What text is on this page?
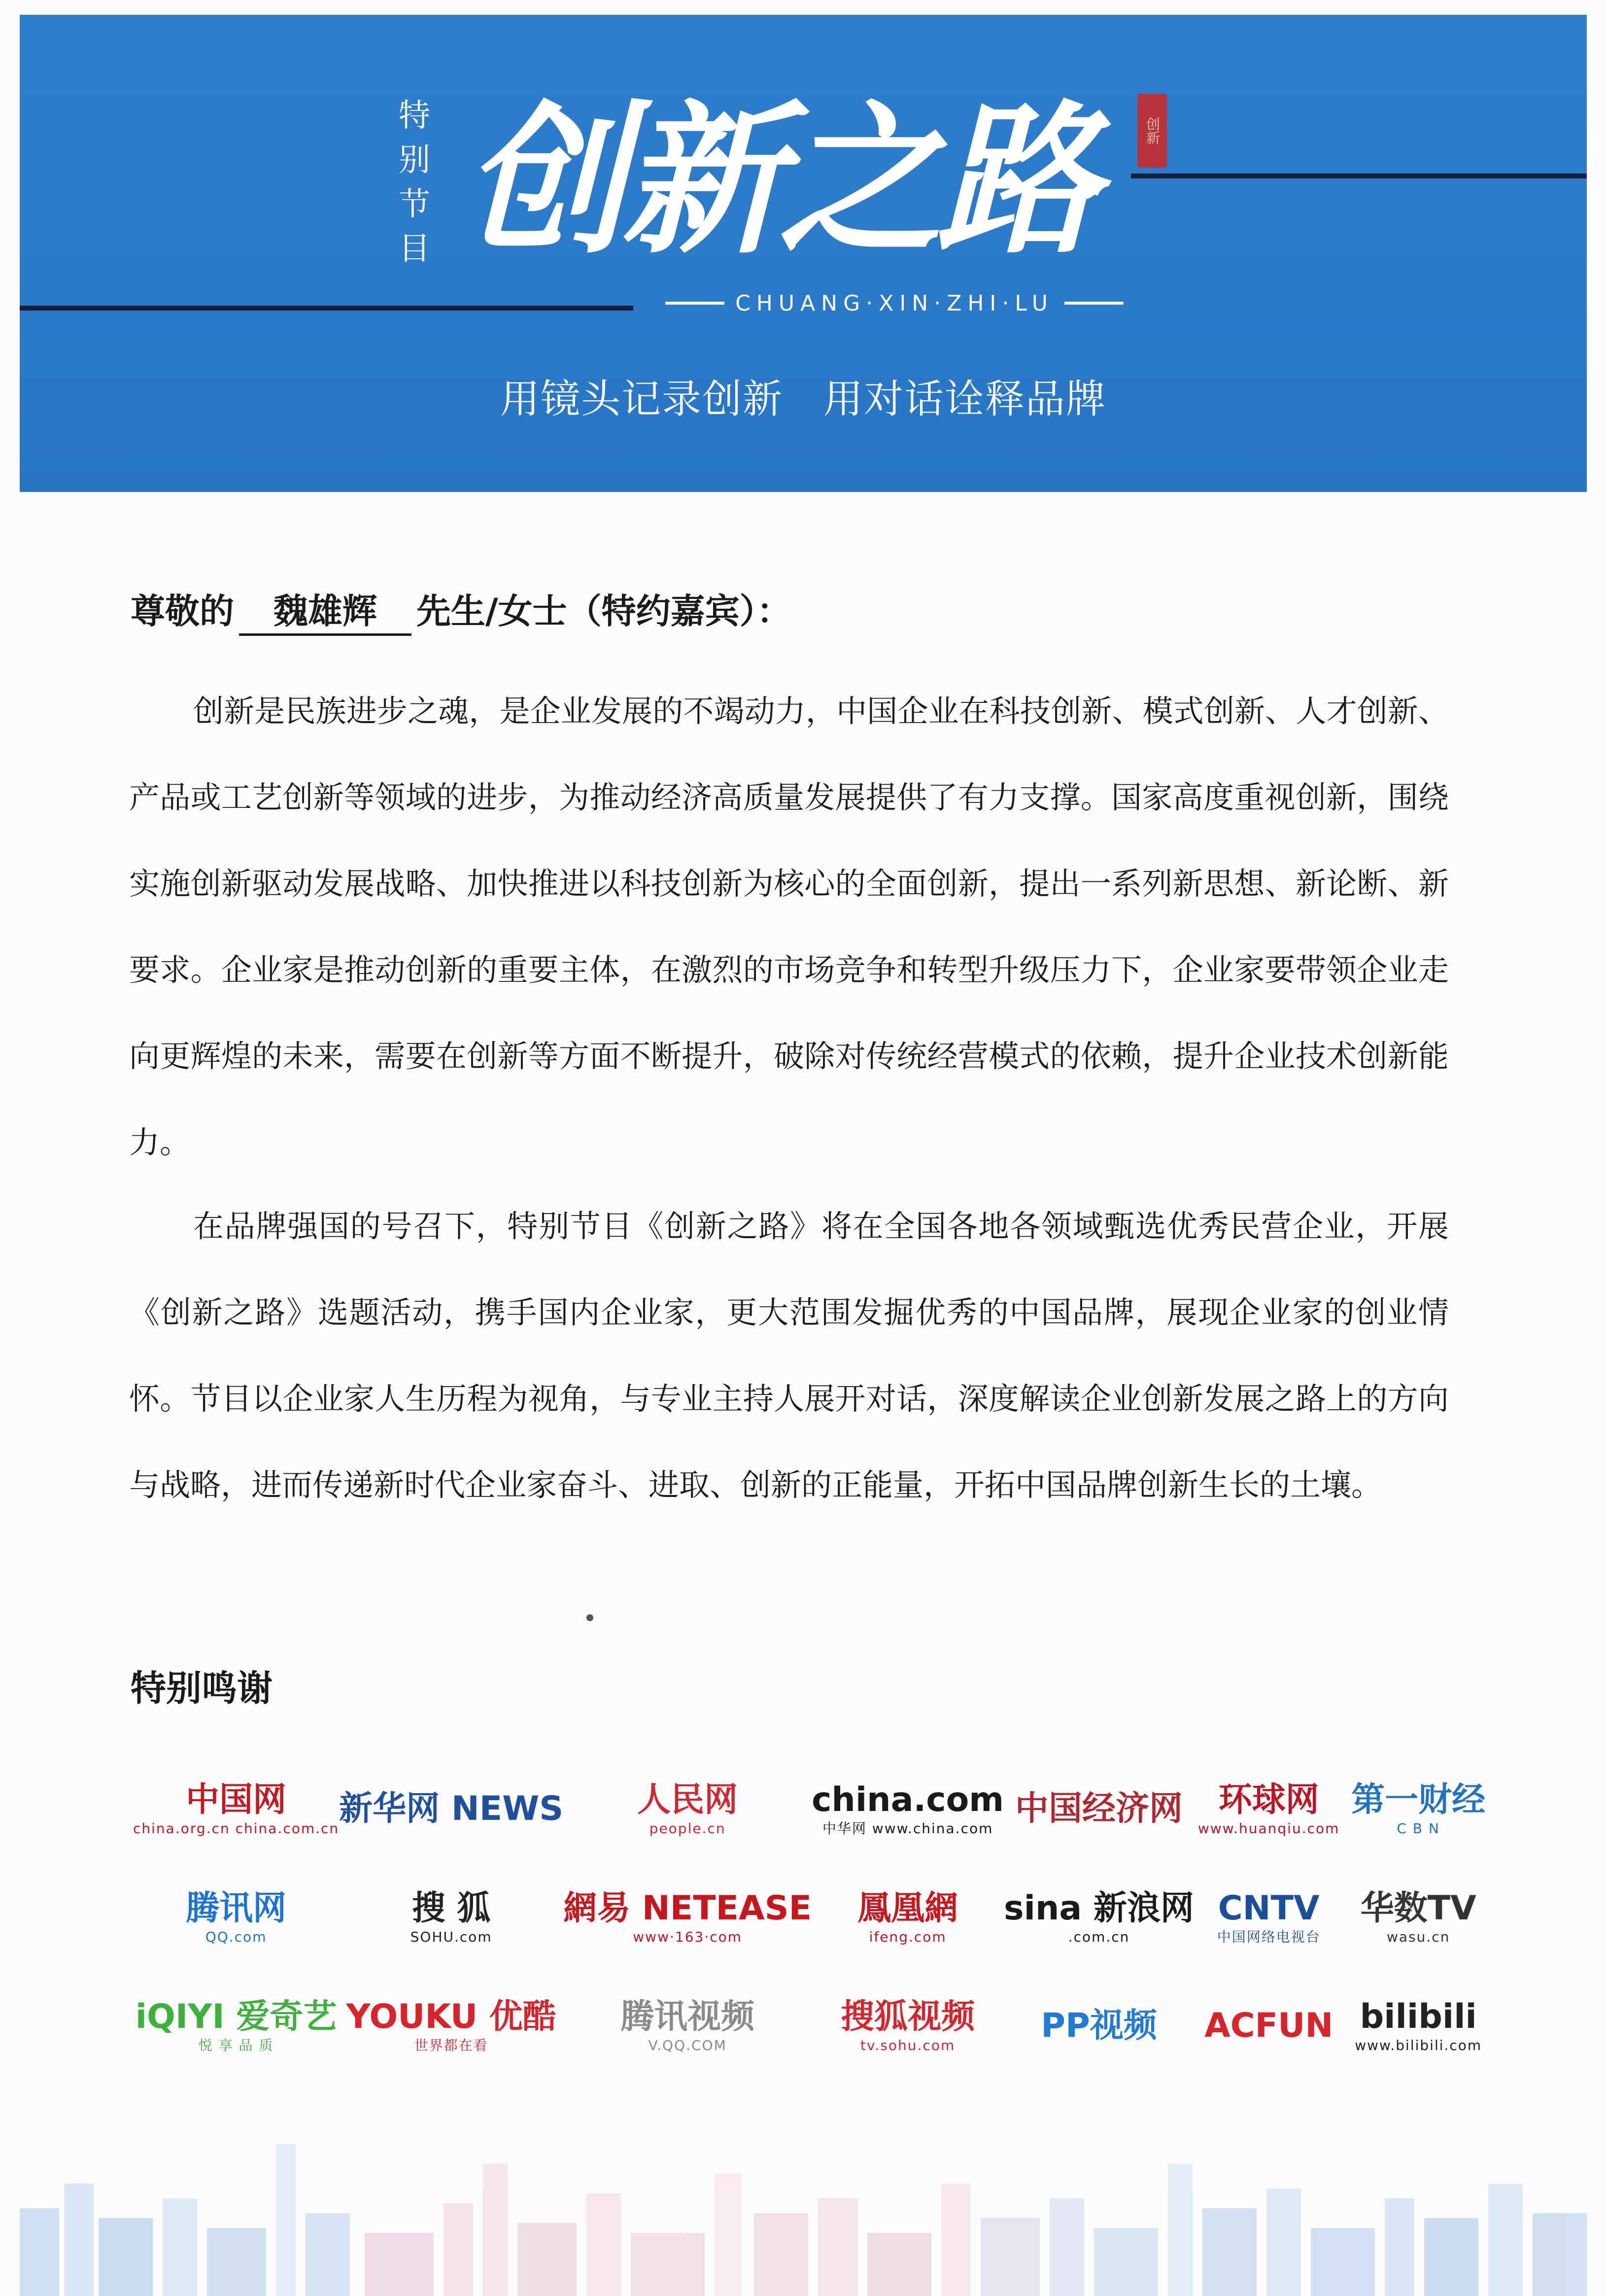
特
别
节
目 创新之路	创新
CHUANG·XIN·ZHI·LU
用镜头记录创新　用对话诠释品牌
尊敬的 魏雄辉 先生/女士（特约嘉宾）：
创新是民族进步之魂，是企业发展的不竭动力，中国企业在科技创新、模式创新、人才创新、产品或工艺创新等领域的进步，为推动经济高质量发展提供了有力支撑。国家高度重视创新，围绕实施创新驱动发展战略、加快推进以科技创新为核心的全面创新，提出一系列新思想、新论断、新要求。企业家是推动创新的重要主体，在激烈的市场竞争和转型升级压力下，企业家要带领企业走向更辉煌的未来，需要在创新等方面不断提升，破除对传统经营模式的依赖，提升企业技术创新能力。
在品牌强国的号召下，特别节目《创新之路》将在全国各地各领域甄选优秀民营企业，开展《创新之路》选题活动，携手国内企业家，更大范围发掘优秀的中国品牌，展现企业家的创业情怀。节目以企业家人生历程为视角，与专业主持人展开对话，深度解读企业创新发展之路上的方向与战略，进而传递新时代企业家奋斗、进取、创新的正能量，开拓中国品牌创新生长的土壤。
特别鸣谢
中国网
china.org.cn china.com.cn
新华网 NEWS 人民网
people.cn
china.com
中华网 www.china.com
中国经济网 环球网
www.huanqiu.com
第一财经
C B N
腾讯网
QQ.com
搜 狐
SOHU.com
網易 NETEASE
www·163·com
鳳凰網
ifeng.com
sina 新浪网
.com.cn
CNTV
中国网络电视台
华数TV
wasu.cn
iQIYI 爱奇艺
悦 享 品 质
YOUKU 优酷
世界都在看
腾讯视频
V.QQ.COM
搜狐视频
tv.sohu.com
PP视频 ACFUN bilibili
www.bilibili.com
